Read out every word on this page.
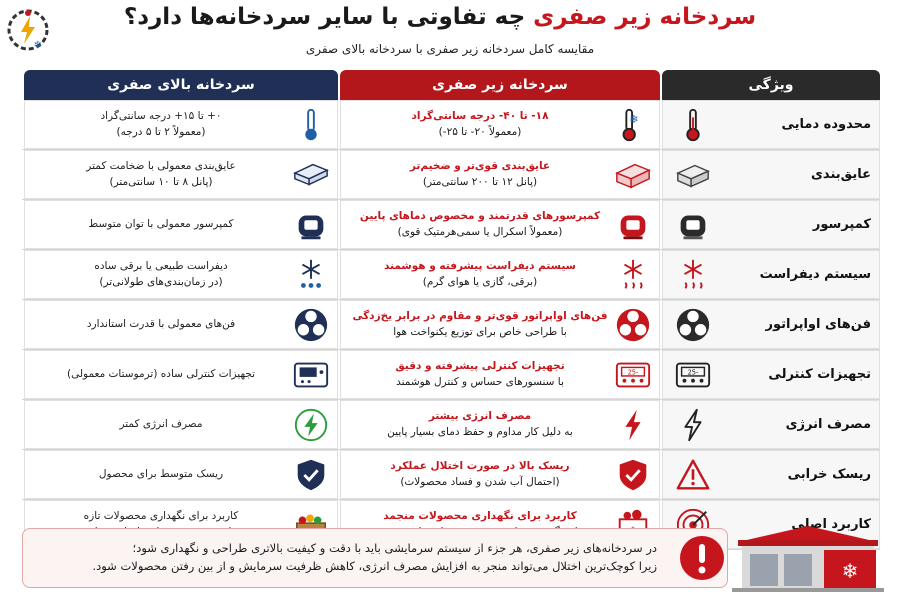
❄
سردخانه زیر صفری چه تفاوتی با سایر سردخانه‌ها دارد؟
مقایسه کامل سردخانه زیر صفری با سردخانه بالای صفری
ویژگی
سردخانه زیر صفری
سردخانه بالای صفری
محدوده دمایی
❄
۱۸- تا ۴۰- درجه سانتی‌گراد
(معمولاً ۲۰- تا ۲۵-)
۰+ تا ۱۵+ درجه سانتی‌گراد
(معمولاً ۲ تا ۵ درجه)
عایق‌بندی
عایق‌بندی قوی‌تر و ضخیم‌تر
(پانل ۱۲ تا ۲۰۰ سانتی‌متر)
عایق‌بندی معمولی با ضخامت کمتر
(پانل ۸ تا ۱۰ سانتی‌متر)
کمپرسور
کمپرسورهای قدرتمند و مخصوص دماهای پایین
(معمولاً اسکرال یا سمی‌هرمتیک قوی)
کمپرسور معمولی با توان متوسط
سیستم دیفراست
سیستم دیفراست پیشرفته و هوشمند
(برقی، گازی یا هوای گرم)
دیفراست طبیعی یا برقی ساده
(در زمان‌بندی‌های طولانی‌تر)
فن‌های اواپراتور
فن‌های اواپراتور قوی‌تر و مقاوم در برابر یخ‌زدگی
با طراحی خاص برای توزیع یکنواخت هوا
فن‌های معمولی با قدرت استاندارد
تجهیزات کنترلی
-25
-25
تجهیزات کنترلی پیشرفته و دقیق
با سنسورهای حساس و کنترل هوشمند
تجهیزات کنترلی ساده (ترموستات معمولی)
مصرف انرژی
مصرف انرژی بیشتر
به دلیل کار مداوم و حفظ دمای بسیار پایین
مصرف انرژی کمتر
ریسک خرابی
ریسک بالا در صورت اختلال عملکرد
(احتمال آب شدن و فساد محصولات)
ریسک متوسط برای محصول
کاربرد اصلی
کاربرد برای نگهداری محصولات منجمد
کاربرد برای نگهداری محصولات تازه
در سردخانه‌های زیر صفری، هر جزء از سیستم سرمایشی باید با دقت و کیفیت بالاتری طراحی و نگهداری شود؛
زیرا کوچک‌ترین اختلال می‌تواند منجر به افزایش مصرف انرژی، کاهش ظرفیت سرمایش و از بین رفتن محصولات شود.	❄
